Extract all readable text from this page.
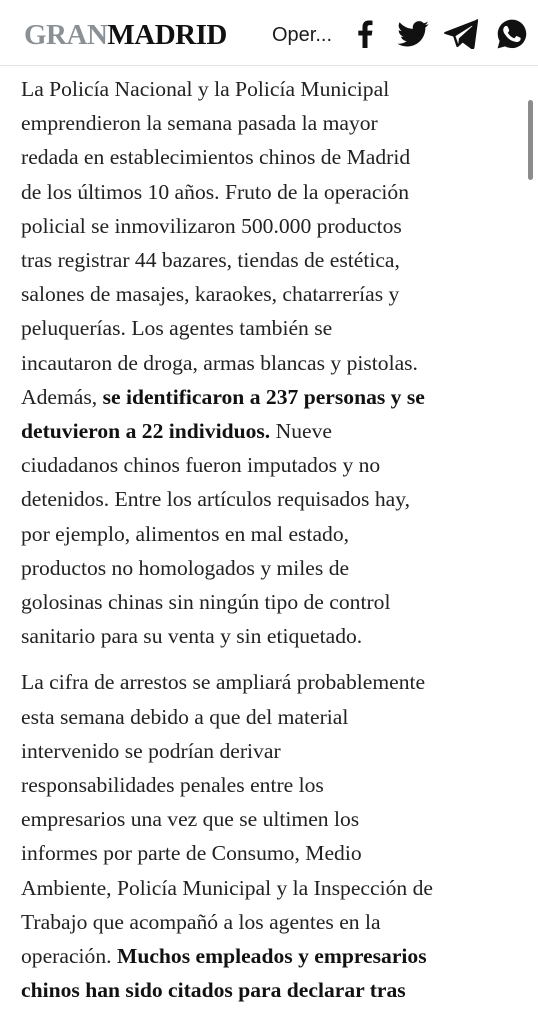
GRANMADRID Oper...

La Policía Nacional y la Policía Municipal
emprendieron la semana pasada la mayor
redada en establecimientos chinos de Madrid
de los últimos 10 años. Fruto de la operación
policial se inmovilizaron 500.000 productos
tras registrar 44 bazares, tiendas de estética,
salones de masajes, karaokes, chatarrerías y
peluquerías. Los agentes también se
incautaron de droga, armas blancas y pistolas.
Además, se identificaron a 237 personas y se
detuvieron a 22 individuos. Nueve
ciudadanos chinos fueron imputados y no
detenidos. Entre los artículos requisados hay,
por ejemplo, alimentos en mal estado,
productos no homologados y miles de
golosinas chinas sin ningún tipo de control
sanitario para su venta y sin etiquetado.

La cifra de arrestos se ampliará probablemente
esta semana debido a que del material
intervenido se podrían derivar
responsabilidades penales entre los
empresarios una vez que se ultimen los
informes por parte de Consumo, Medio
Ambiente, Policía Municipal y la Inspección de
Trabajo que acompañó a los agentes en la
operación. Muchos empleados y empresarios
chinos han sido citados para declarar tras
